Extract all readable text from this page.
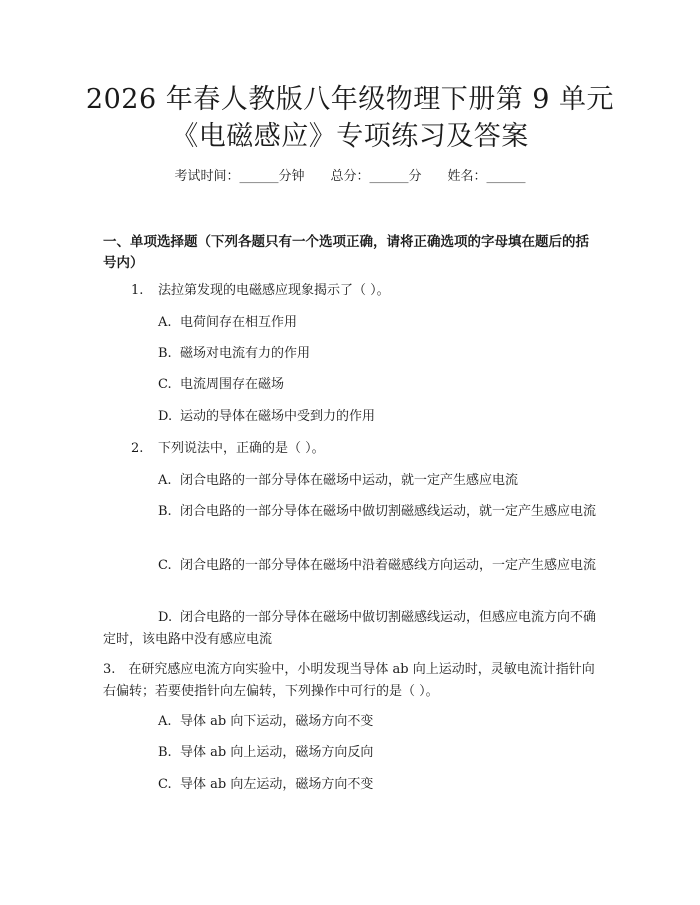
2026 年春人教版八年级物理下册第 9 单元
《电磁感应》专项练习及答案
考试时间：______分钟 总分：______分 姓名：______
一、单项选择题（下列各题只有一个选项正确，请将正确选项的字母填在题后的括号内）
1. 法拉第发现的电磁感应现象揭示了（ ）。
A. 电荷间存在相互作用
B. 磁场对电流有力的作用
C. 电流周围存在磁场
D. 运动的导体在磁场中受到力的作用
2. 下列说法中，正确的是（ ）。
A. 闭合电路的一部分导体在磁场中运动，就一定产生感应电流
B. 闭合电路的一部分导体在磁场中做切割磁感线运动，就一定产生感应电流
C. 闭合电路的一部分导体在磁场中沿着磁感线方向运动，一定产生感应电流
D. 闭合电路的一部分导体在磁场中做切割磁感线运动，但感应电流方向不确定时，该电路中没有感应电流
3.　 在研究感应电流方向实验中，小明发现当导体 ab 向上运动时，灵敏电流计指针向右偏转；若要使指针向左偏转，下列操作中可行的是（ ）。
A. 导体 ab 向下运动，磁场方向不变
B. 导体 ab 向上运动，磁场方向反向
C. 导体 ab 向左运动，磁场方向不变
